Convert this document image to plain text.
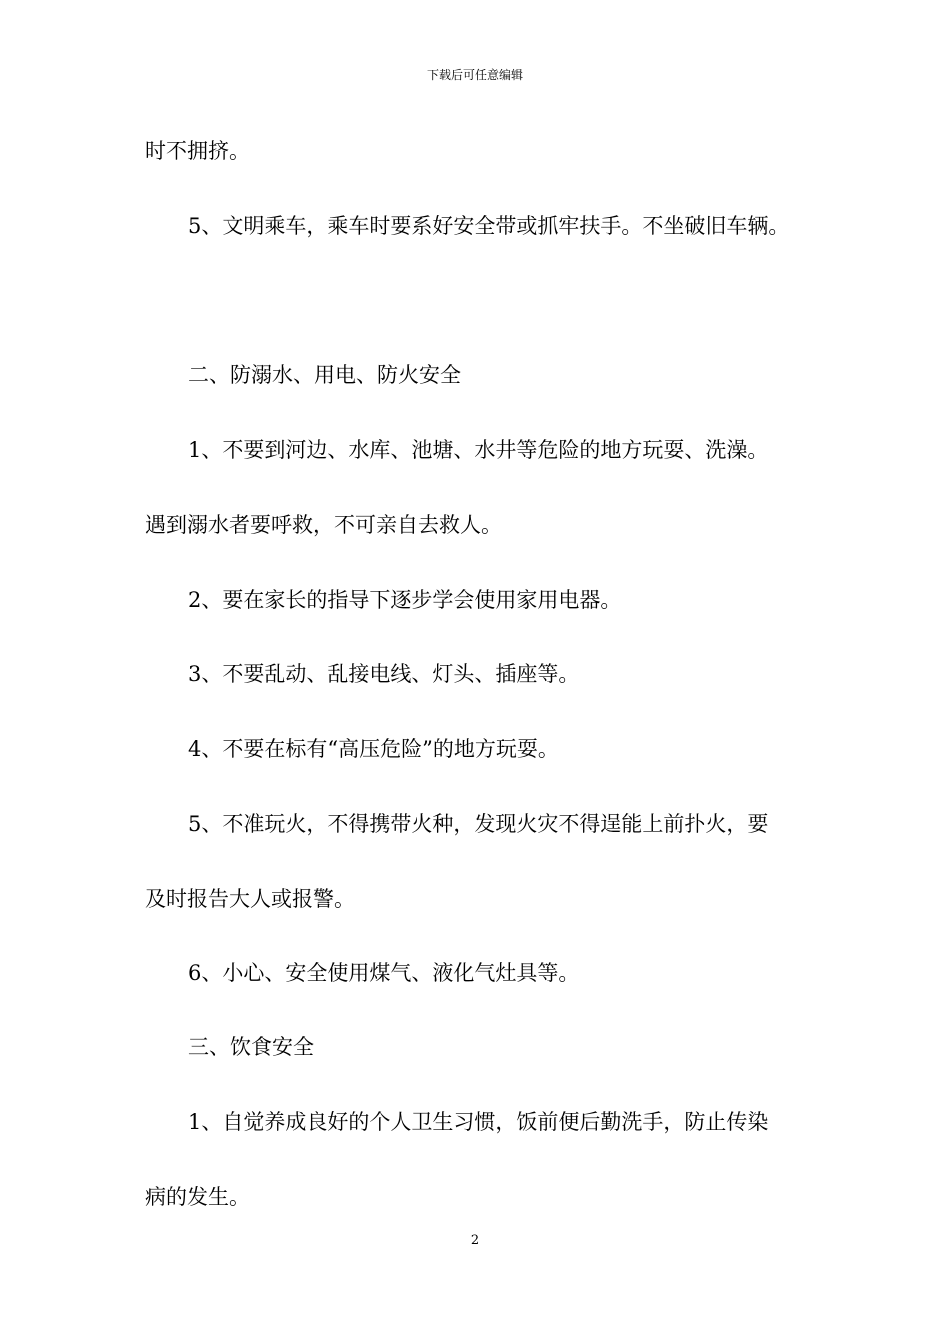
下载后可任意编辑

时不拥挤。

5、文明乘车，乘车时要系好安全带或抓牢扶手。不坐破旧车辆。

二、防溺水、用电、防火安全

1、不要到河边、水库、池塘、水井等危险的地方玩耍、洗澡。

遇到溺水者要呼救，不可亲自去救人。

2、要在家长的指导下逐步学会使用家用电器。

3、不要乱动、乱接电线、灯头、插座等。

4、不要在标有“高压危险”的地方玩耍。

5、不准玩火，不得携带火种，发现火灾不得逞能上前扑火，要

及时报告大人或报警。

6、小心、安全使用煤气、液化气灶具等。

三、饮食安全

1、自觉养成良好的个人卫生习惯，饭前便后勤洗手，防止传染

病的发生。

2
